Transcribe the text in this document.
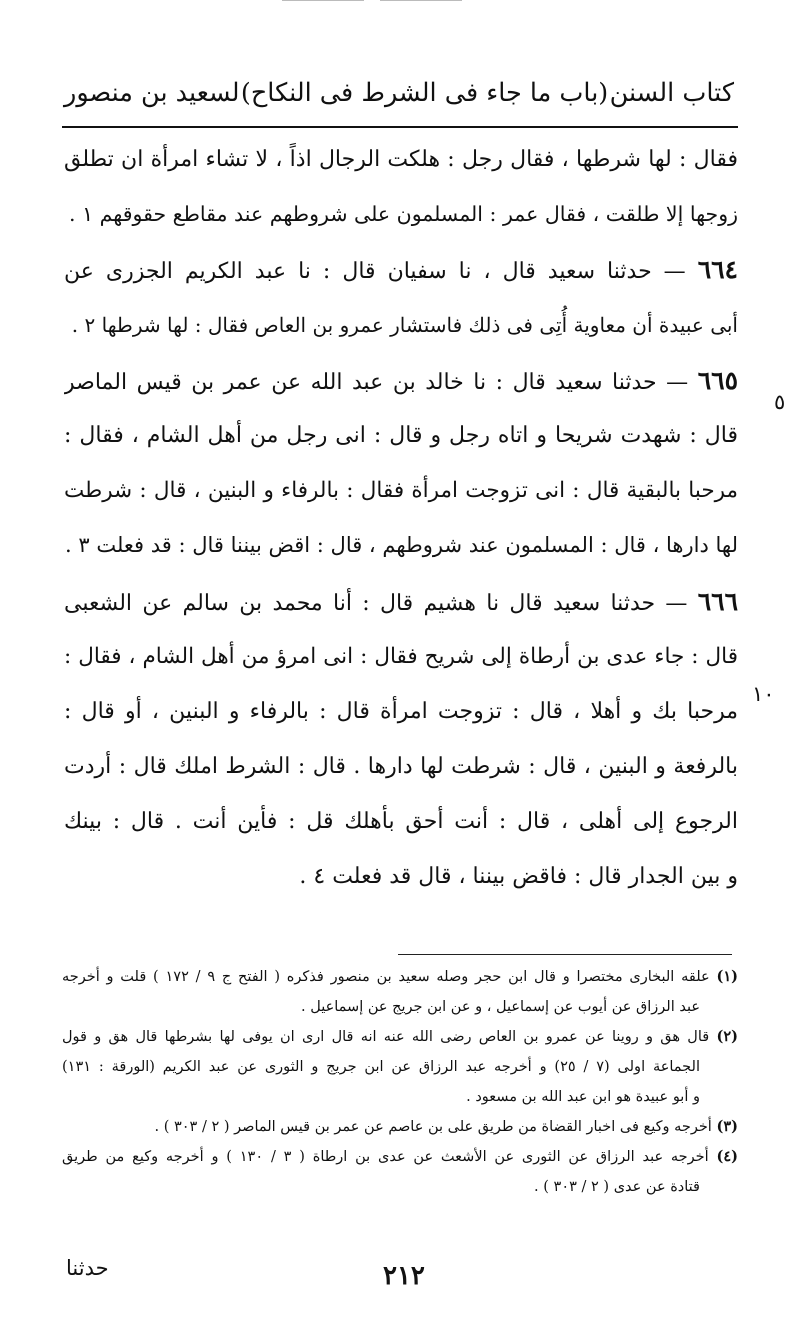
كتاب السنن
(باب ما جاء فى الشرط فى النكاح)
لسعيد بن منصور
فقال : لها شرطها ، فقال رجل : هلكت الرجال اذاً ، لا تشاء امرأة ان تطلق
زوجها إلا طلقت ، فقال عمر : المسلمون على شروطهم عند مقاطع حقوقهم ١ .
٦٦٤ — حدثنا سعيد قال ، نا سفيان قال : نا عبد الكريم الجزرى عن
أبى عبيدة أن معاوية أُتِى فى ذلك فاستشار عمرو بن العاص فقال : لها شرطها ٢ .
٦٦٥ — حدثنا سعيد قال : نا خالد بن عبد الله عن عمر بن قيس الماصر
قال : شهدت شريحا و اتاه رجل و قال : انى رجل من أهل الشام ، فقال :
مرحبا بالبقية قال : انى تزوجت امرأة فقال : بالرفاء و البنين ، قال : شرطت
لها دارها ، قال : المسلمون عند شروطهم ، قال : اقض بيننا قال : قد فعلت ٣ .
٦٦٦ — حدثنا سعيد قال نا هشيم قال : أنا محمد بن سالم عن الشعبى
قال : جاء عدى بن أرطاة إلى شريح فقال : انى امرؤ من أهل الشام ، فقال :
مرحبا بك و أهلا ، قال : تزوجت امرأة قال : بالرفاء و البنين ، أو قال :
بالرفعة و البنين ، قال : شرطت لها دارها . قال : الشرط املك قال : أردت
الرجوع إلى أهلى ، قال : أنت أحق بأهلك قل : فأين أنت . قال : بينك
و بين الجدار قال : فاقض بيننا ، قال قد فعلت ٤ .
٥
١٠
(١) علقه البخارى مختصرا و قال ابن حجر وصله سعيد بن منصور فذكره ( الفتح ج ٩ / ١٧٢ ) قلت و أخرجه
عبد الرزاق عن أيوب عن إسماعيل ، و عن ابن جريج عن إسماعيل .
(٢) قال هق و روينا عن عمرو بن العاص رضى الله عنه انه قال ارى ان يوفى لها بشرطها قال هق و قول
الجماعة اولى (٧ / ٢٥) و أخرجه عبد الرزاق عن ابن جريج و الثورى عن عبد الكريم (الورقة : ١٣١)
و أبو عبيدة هو ابن عبد الله بن مسعود .
(٣) أخرجه وكيع فى اخبار القضاة من طريق على بن عاصم عن عمر بن قيس الماصر ( ٢ / ٣٠٣ ) .
(٤) أخرجه عبد الرزاق عن الثورى عن الأشعث عن عدى بن ارطاة ( ٣ / ١٣٠ ) و أخرجه وكيع من طريق
قتادة عن عدى ( ٢ / ٣٠٣ ) .
٢١٢
حدثنا
